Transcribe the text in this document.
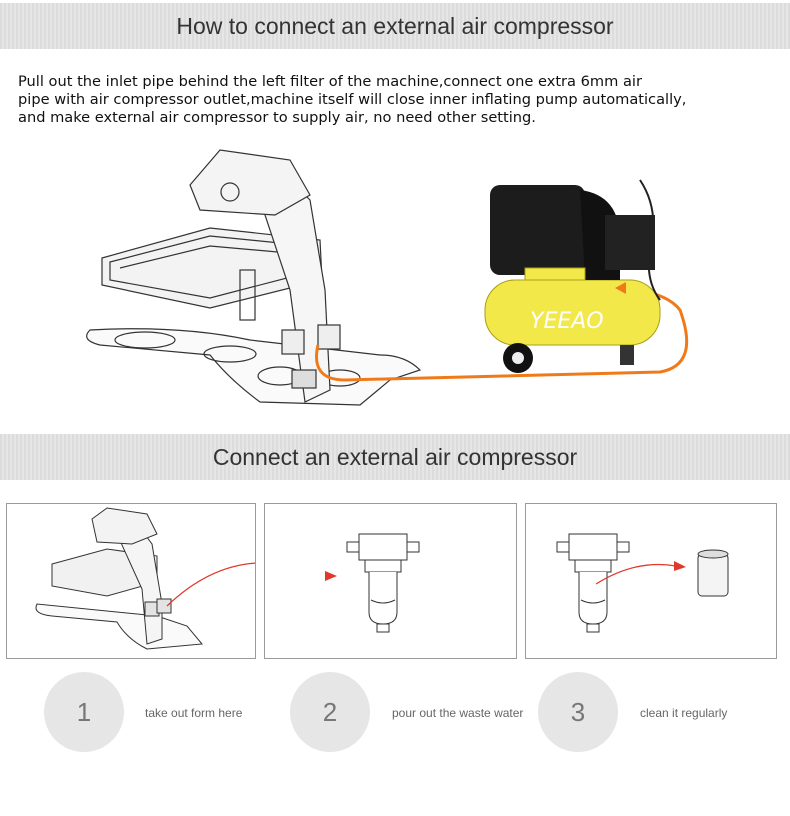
How to connect an external air compressor
Pull out the inlet pipe behind the left filter of the machine,connect one extra 6mm air
pipe with air compressor outlet,machine itself will close inner inflating pump automatically,
and make external air compressor to supply air, no need other setting.
YEEAO
Connect an external air compressor
1	take out form here	2	pour out the waste water	3	clean it regularly
